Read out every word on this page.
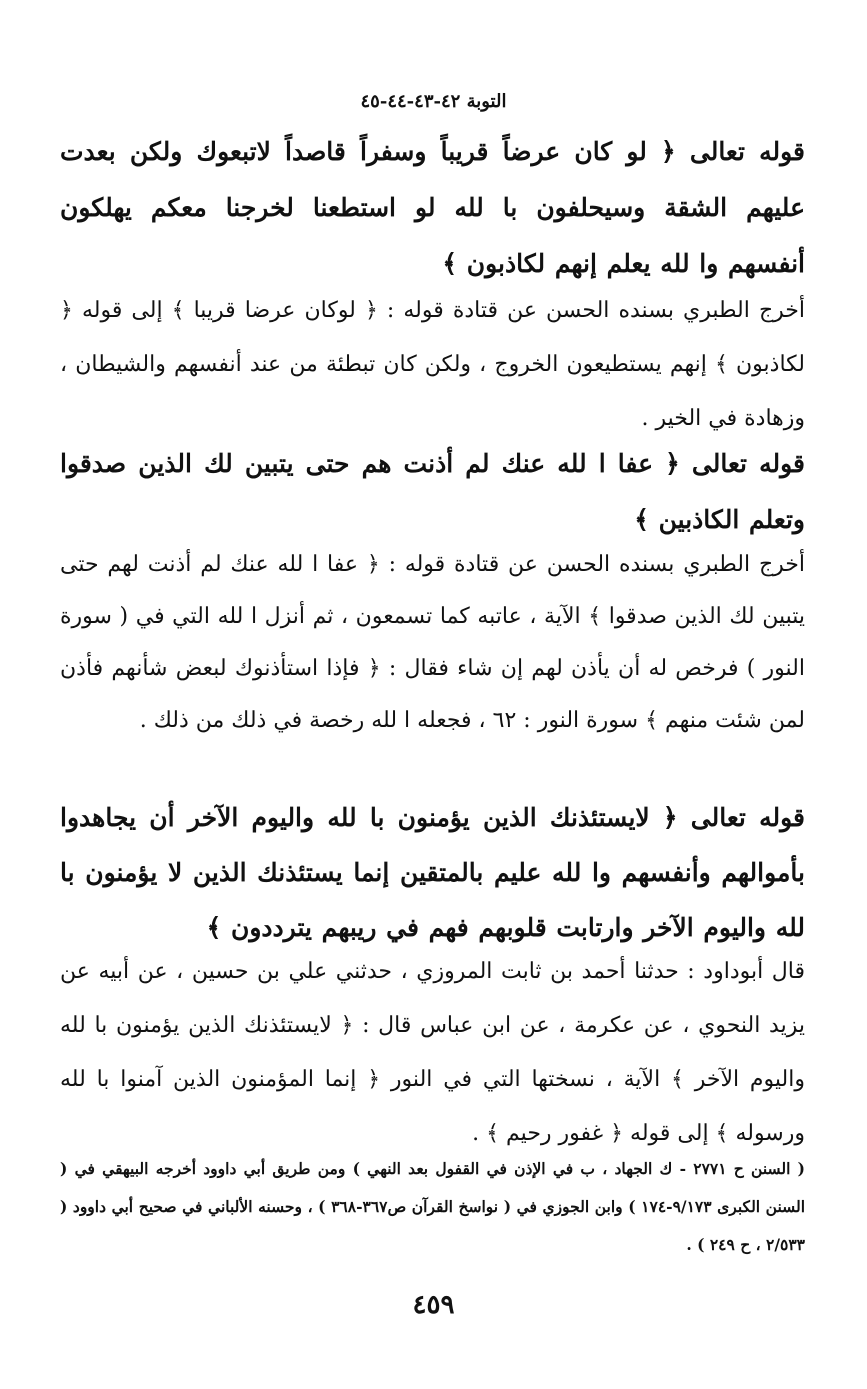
التوبة ٤٢-٤٣-٤٤-٤٥
قوله تعالى ﴿ لو كان عرضاً قريباً وسفراً قاصداً لاتبعوك ولكن بعدت عليهم الشقة وسيحلفون با لله لو استطعنا لخرجنا معكم يهلكون أنفسهم وا لله يعلم إنهم لكاذبون ﴾
أخرج الطبري بسنده الحسن عن قتادة قوله : ﴿ لوكان عرضا قريبا ﴾ إلى قوله ﴿ لكاذبون ﴾ إنهم يستطيعون الخروج ، ولكن كان تبطئة من عند أنفسهم والشيطان ، وزهادة في الخير .
قوله تعالى ﴿ عفا ا لله عنك لم أذنت هم حتى يتبين لك الذين صدقوا وتعلم الكاذبين ﴾
أخرج الطبري بسنده الحسن عن قتادة قوله : ﴿ عفا ا لله عنك لم أذنت لهم حتى يتبين لك الذين صدقوا ﴾ الآية ، عاتبه كما تسمعون ، ثم أنزل ا لله التي في ( سورة النور ) فرخص له أن يأذن لهم إن شاء فقال : ﴿ فإذا استأذنوك لبعض شأنهم فأذن لمن شئت منهم ﴾ سورة النور : ٦٢ ، فجعله ا لله رخصة في ذلك من ذلك .
قوله تعالى ﴿ لايستئذنك الذين يؤمنون با لله واليوم الآخر أن يجاهدوا بأموالهم وأنفسهم وا لله عليم بالمتقين إنما يستئذنك الذين لا يؤمنون با لله واليوم الآخر وارتابت قلوبهم فهم في ريبهم يترددون ﴾
قال أبوداود : حدثنا أحمد بن ثابت المروزي ، حدثني علي بن حسين ، عن أبيه عن يزيد النحوي ، عن عكرمة ، عن ابن عباس قال : ﴿ لايستئذنك الذين يؤمنون با لله واليوم الآخر ﴾ الآية ، نسختها التي في النور ﴿ إنما المؤمنون الذين آمنوا با لله ورسوله ﴾ إلى قوله ﴿ غفور رحيم ﴾ .
( السنن ح ٢٧٧١ - ك الجهاد ، ب في الإذن في القفول بعد النهي ) ومن طريق أبي داوود أخرجه البيهقي في ( السنن الكبرى ٩/١٧٣-١٧٤ ) وابن الجوزي في ( نواسخ القرآن ص٣٦٧-٣٦٨ ) ، وحسنه الألباني في صحيح أبي داوود ( ٢/٥٣٣ ، ح ٢٤٩ ) .
٤٥٩
